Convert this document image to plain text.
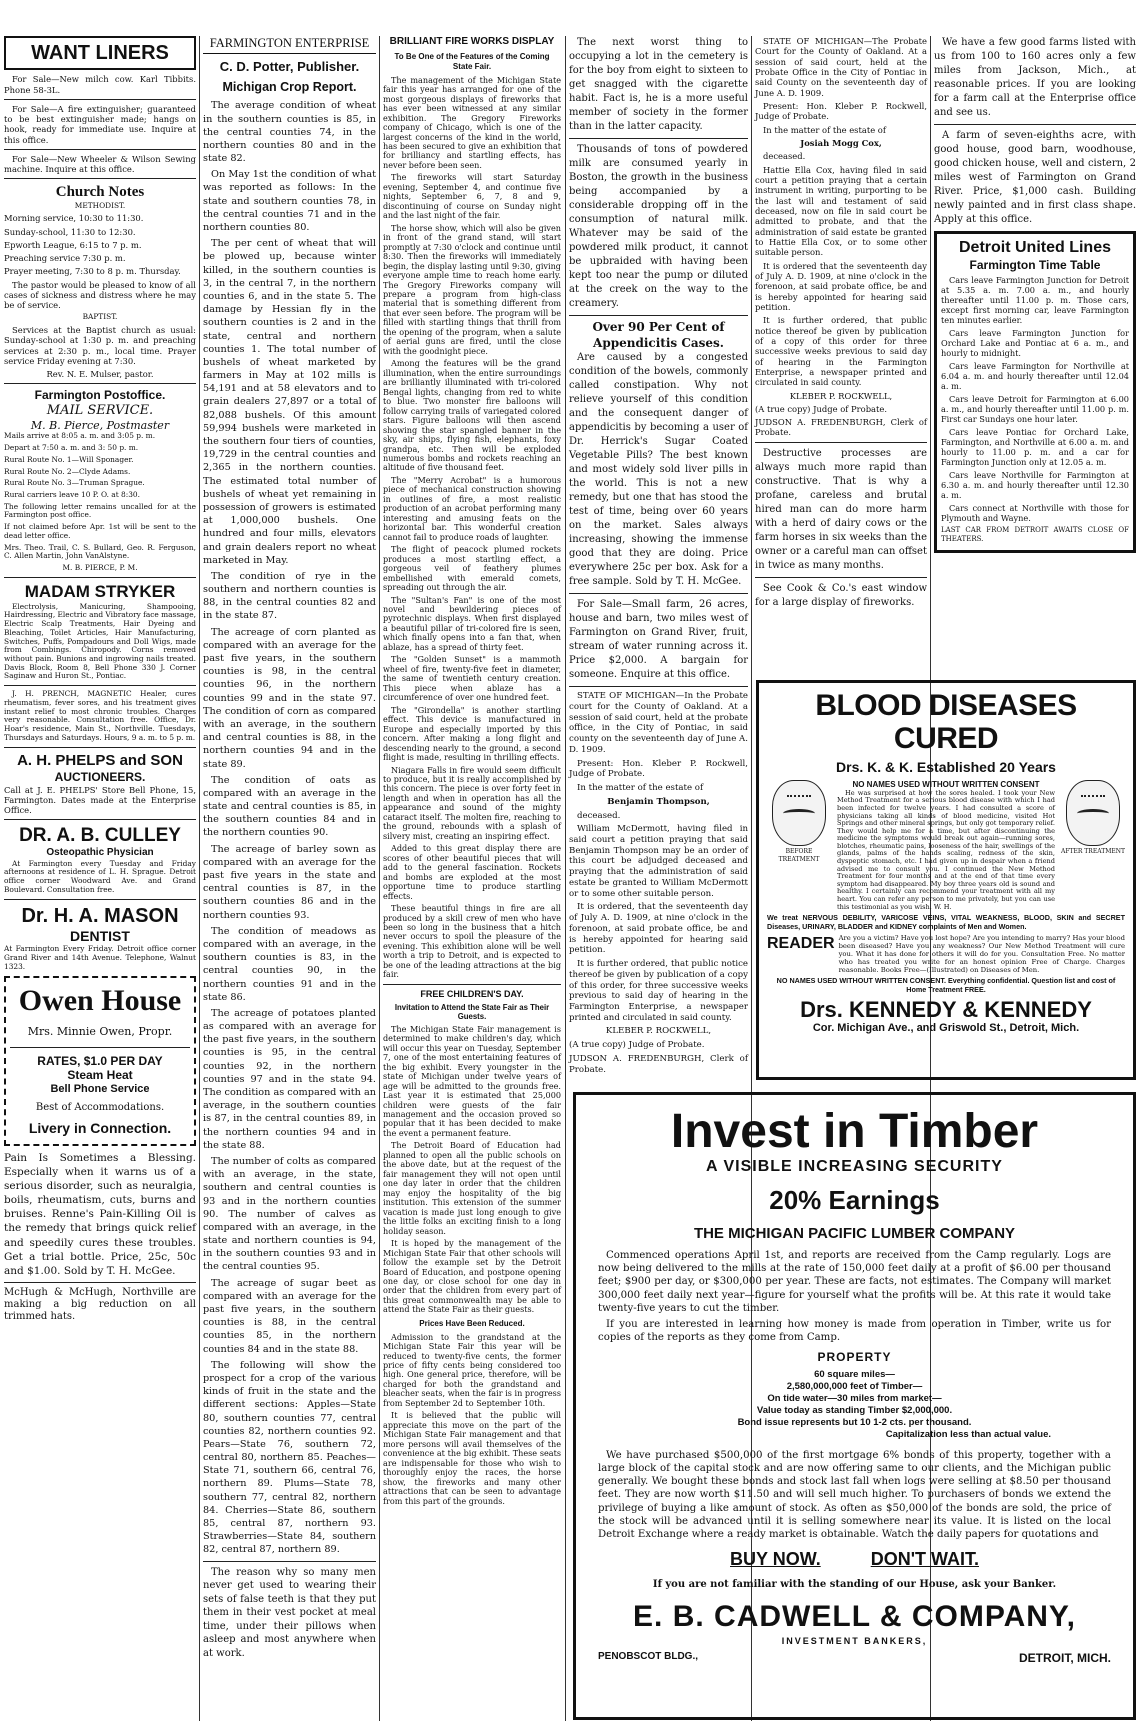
WANT LINERS

For Sale—New milch cow. Karl Tibbits. Phone 58-3L.

For Sale—A fire extinguisher; guaranteed to be best extinguisher made; hangs on hook, ready for immediate use. Inquire at this office.

For Sale—New Wheeler & Wilson Sewing machine. Inquire at this office.

Church Notes

METHODIST.

Morning service, 10:30 to 11:30.

Sunday-school, 11:30 to 12:30.

Epworth League, 6:15 to 7 p. m.

Preaching service 7:30 p. m.

Prayer meeting, 7:30 to 8 p. m. Thursday.

The pastor would be pleased to know of all cases of sickness and distress where he may be of service.

BAPTIST.

Services at the Baptist church as usual: Sunday-school at 1:30 p. m. and preaching services at 2:30 p. m., local time. Prayer service Friday evening at 7:30.

Rev. N. E. Mulser, pastor.

Farmington Postoffice.
MAIL SERVICE.
M. B. Pierce, Postmaster

Mails arrive at 8:05 a. m. and 3:05 p. m.

Depart at 7:50 a. m. and 3: 50 p. m.

Rural Route No. 1—Will Sponager.

Rural Route No. 2—Clyde Adams.

Rural Route No. 3—Truman Sprague.

Rural carriers leave 10 P. O. at 8:30.

The following letter remains uncalled for at the Farmington post office.

If not claimed before Apr. 1st will be sent to the dead letter office.

Mrs. Theo. Trail, C. S. Bullard, Geo. R. Ferguson, C. Allen Martin, John VanAlstyne.

M. B. PIERCE, P. M.

MADAM STRYKER

Electrolysis, Manicuring, Shampooing, Hairdressing, Electric and Vibratory face massage, Electric Scalp Treatments, Hair Dyeing and Bleaching, Toilet Articles, Hair Manufacturing, Switches, Puffs, Pompadours and Doll Wigs, made from Combings. Chiropody. Corns removed without pain. Bunions and ingrowing nails treated. Davis Block, Room 8, Bell Phone 330 J. Corner Saginaw and Huron St., Pontiac.

J. H. PRENCH, MAGNETIC Healer, cures rheumatism, fever sores, and his treatment gives instant relief to most chronic troubles. Charges very reasonable. Consultation free. Office, Dr. Hoar's residence, Main St., Northville. Tuesdays, Thursdays and Saturdays. Hours, 9 a. m. to 5 p. m.

A. H. PHELPS and SON
AUCTIONEERS.

Call at J. E. PHELPS' Store Bell Phone, 15, Farmington. Dates made at the Enterprise Office.

DR. A. B. CULLEY
Osteopathic Physician

At Farmington every Tuesday and Friday afternoons at residence of L. H. Sprague. Detroit office corner Woodward Ave. and Grand Boulevard. Consultation free.

Dr. H. A. MASON
DENTIST

At Farmington Every Friday. Detroit office corner Grand River and 14th Avenue. Telephone, Walnut 1323.

Owen House
Mrs. Minnie Owen, Propr.
RATES, $1.0 PER DAY
Steam Heat
Bell Phone Service
Best of Accommodations.
Livery in Connection.

Pain Is Sometimes a Blessing. Especially when it warns us of a serious disorder, such as neuralgia, boils, rheumatism, cuts, burns and bruises. Renne's Pain-Killing Oil is the remedy that brings quick relief and speedily cures these troubles. Get a trial bottle. Price, 25c, 50c and $1.00. Sold by T. H. McGee.

McHugh & McHugh, Northville are making a big reduction on all trimmed hats.

FARMINGTON ENTERPRISE
C. D. Potter, Publisher.
Michigan Crop Report.

The average condition of wheat in the southern counties is 85, in the central counties 74, in the northern counties 80 and in the state 82.

On May 1st the condition of what was reported as follows: In the state and southern counties 78, in the central counties 71 and in the northern counties 80.

The per cent of wheat that will be plowed up, because winter killed, in the southern counties is 3, in the central 7, in the northern counties 6, and in the state 5. The damage by Hessian fly in the southern counties is 2 and in the state, central and northern counties 1. The total number of bushels of wheat marketed by farmers in May at 102 mills is 54,191 and at 58 elevators and to grain dealers 27,897 or a total of 82,088 bushels. Of this amount 59,994 bushels were marketed in the southern four tiers of counties, 19,729 in the central counties and 2,365 in the northern counties. The estimated total number of bushels of wheat yet remaining in possession of growers is estimated at 1,000,000 bushels. One hundred and four mills, elevators and grain dealers report no wheat marketed in May.

The condition of rye in the southern and northern counties is 88, in the central counties 82 and in the state 87.

The acreage of corn planted as compared with an average for the past five years, in the southern counties is 98, in the central counties 96, in the northern counties 99 and in the state 97. The condition of corn as compared with an average, in the southern and central counties is 88, in the northern counties 94 and in the state 89.

The condition of oats as compared with an average in the state and central counties is 85, in the southern counties 84 and in the northern counties 90.

The acreage of barley sown as compared with an average for the past five years in the state and central counties is 87, in the southern counties 86 and in the northern counties 93.

The condition of meadows as compared with an average, in the southern counties is 83, in the central counties 90, in the northern counties 91 and in the state 86.

The acreage of potatoes planted as compared with an average for the past five years, in the southern counties is 95, in the central counties 92, in the northern counties 97 and in the state 94. The condition as compared with an average, in the southern counties is 87, in the central counties 89, in the northern counties 94 and in the state 88.

The number of colts as compared with an average, in the state, southern and central counties is 93 and in the northern counties 90. The number of calves as compared with an average, in the state and northern counties is 94, in the southern counties 93 and in the central counties 95.

The acreage of sugar beet as compared with an average for the past five years, in the southern counties is 88, in the central counties 85, in the northern counties 84 and in the state 88.

The following will show the prospect for a crop of the various kinds of fruit in the state and the different sections: Apples—State 80, southern counties 77, central counties 82, northern counties 92. Pears—State 76, southern 72, central 80, northern 85. Peaches—State 71, southern 66, central 76, northern 89. Plums—State 78, southern 77, central 82, northern 84. Cherries—State 86, southern 85, central 87, northern 93. Strawberries—State 84, southern 82, central 87, northern 89.

The reason why so many men never get used to wearing their sets of false teeth is that they put them in their vest pocket at meal time, under their pillows when asleep and most anywhere when at work.

BRILLIANT FIRE WORKS DISPLAY
To Be One of the Features of the Coming State Fair.

The management of the Michigan State fair this year has arranged for one of the most gorgeous displays of fireworks that has ever been witnessed at any similar exhibition. The Gregory Fireworks company of Chicago, which is one of the largest concerns of the kind in the world, has been secured to give an exhibition that for brilliancy and startling effects, has never before been seen.

The fireworks will start Saturday evening, September 4, and continue five nights, September 6, 7, 8 and 9, discontinuing of course on Sunday night and the last night of the fair.

The horse show, which will also be given in front of the grand stand, will start promptly at 7:30 o'clock and continue until 8:30. Then the fireworks will immediately begin, the display lasting until 9:30, giving everyone ample time to reach home early. The Gregory Fireworks company will prepare a program from high-class material that is something different from that ever seen before. The program will be filled with startling things that thrill from the opening of the program, when a salute of aerial guns are fired, until the close with the goodnight piece.

Among the features will be the grand illumination, when the entire surroundings are brilliantly illuminated with tri-colored Bengal lights, changing from red to white to blue. Two monster fire balloons will follow carrying trails of variegated colored stars. Figure balloons will then ascend showing the star spangled banner in the sky, air ships, flying fish, elephants, foxy grandpa, etc. Then will be exploded numerous bombs and rockets reaching an altitude of five thousand feet.

The "Merry Acrobat" is a humorous piece of mechanical construction showing in outlines of fire, a most realistic production of an acrobat performing many interesting and amusing feats on the horizontal bar. This wonderful creation cannot fail to produce roads of laughter.

The flight of peacock plumed rockets produces a most startling effect, a gorgeous veil of feathery plumes embellished with emerald comets, spreading out through the air.

The "Sultan's Fan" is one of the most novel and bewildering pieces of pyrotechnic displays. When first displayed a beautiful pillar of tri-colored fire is seen, which finally opens into a fan that, when ablaze, has a spread of thirty feet.

The "Golden Sunset" is a mammoth wheel of fire, twenty-five feet in diameter, the same of twentieth century creation. This piece when ablaze has a circumference of over one hundred feet.

The "Girondella" is another startling effect. This device is manufactured in Europe and especially imported by this concern. After making a long flight and descending nearly to the ground, a second flight is made, resulting in thrilling effects.

Niagara Falls in fire would seem difficult to produce, but it is really accomplished by this concern. The piece is over forty feet in length and when in operation has all the appearance and sound of the mighty cataract itself. The molten fire, reaching to the ground, rebounds with a splash of silvery mist, creating an inspiring effect.

Added to this great display there are scores of other beautiful pieces that will add to the general fascination. Rockets and bombs are exploded at the most opportune time to produce startling effects.

These beautiful things in fire are all produced by a skill crew of men who have been so long in the business that a hitch never occurs to spoil the pleasure of the evening. This exhibition alone will be well worth a trip to Detroit, and is expected to be one of the leading attractions at the big fair.

FREE CHILDREN'S DAY.
Invitation to Attend the State Fair as Their Guests.

The Michigan State Fair management is determined to make children's day, which will occur this year on Tuesday, September 7, one of the most entertaining features of the big exhibit. Every youngster in the state of Michigan under twelve years of age will be admitted to the grounds free. Last year it is estimated that 25,000 children were guests of the fair management and the occasion proved so popular that it has been decided to make the event a permanent feature.

The Detroit Board of Education had planned to open all the public schools on the above date, but at the request of the fair management they will not open until one day later in order that the children may enjoy the hospitality of the big institution. This extension of the summer vacation is made just long enough to give the little folks an exciting finish to a long holiday season.

It is hoped by the management of the Michigan State Fair that other schools will follow the example set by the Detroit Board of Education, and postpone opening one day, or close school for one day in order that the children from every part of this great commonwealth may be able to attend the State Fair as their guests.

Prices Have Been Reduced.

Admission to the grandstand at the Michigan State Fair this year will be reduced to twenty-five cents, the former price of fifty cents being considered too high. One general price, therefore, will be charged for both the grandstand and bleacher seats, when the fair is in progress from September 2d to September 10th.

It is believed that the public will appreciate this move on the part of the Michigan State Fair management and that more persons will avail themselves of the convenience at the big exhibit. These seats are indispensable for those who wish to thoroughly enjoy the races, the horse show, the fireworks and many other attractions that can be seen to advantage from this part of the grounds.

The next worst thing to occupying a lot in the cemetery is for the boy from eight to sixteen to get snagged with the cigarette habit. Fact is, he is a more useful member of society in the former than in the latter capacity.

Thousands of tons of powdered milk are consumed yearly in Boston, the growth in the business being accompanied by a considerable dropping off in the consumption of natural milk. Whatever may be said of the powdered milk product, it cannot be upbraided with having been kept too near the pump or diluted at the creek on the way to the creamery.

Over 90 Per Cent of Appendicitis Cases.

Are caused by a congested condition of the bowels, commonly called constipation. Why not relieve yourself of this condition and the consequent danger of appendicitis by becoming a user of Dr. Herrick's Sugar Coated Vegetable Pills? The best known and most widely sold liver pills in the world. This is not a new remedy, but one that has stood the test of time, being over 60 years on the market. Sales always increasing, showing the immense good that they are doing. Price everywhere 25c per box. Ask for a free sample. Sold by T. H. McGee.

For Sale—Small farm, 26 acres, house and barn, two miles west of Farmington on Grand River, fruit, stream of water running across it. Price $2,000. A bargain for someone. Enquire at this office.

STATE OF MICHIGAN—In the Probate court for the County of Oakland. At a session of said court, held at the probate office, in the City of Pontiac, in said county on the seventeenth day of June A. D. 1909.

Present: Hon. Kleber P. Rockwell, Judge of Probate.

In the matter of the estate of

Benjamin Thompson,

deceased.

William McDermott, having filed in said court a petition praying that said Benjamin Thompson may be an order of this court be adjudged deceased and praying that the administration of said estate be granted to William McDermott or to some other suitable person.

It is ordered, that the seventeenth day of July A. D. 1909, at nine o'clock in the forenoon, at said probate office, be and is hereby appointed for hearing said petition.

It is further ordered, that public notice thereof be given by publication of a copy of this order, for three successive weeks previous to said day of hearing in the Farmington Enterprise, a newspaper printed and circulated in said county.

KLEBER P. ROCKWELL,

(A true copy) Judge of Probate.

JUDSON A. FREDENBURGH, Clerk of Probate.

STATE OF MICHIGAN—The Probate Court for the County of Oakland. At a session of said court, held at the Probate Office in the City of Pontiac in said County on the seventeenth day of June A. D. 1909.

Present: Hon. Kleber P. Rockwell, Judge of Probate.

In the matter of the estate of

Josiah Mogg Cox,

deceased.

Hattie Ella Cox, having filed in said court a petition praying that a certain instrument in writing, purporting to be the last will and testament of said deceased, now on file in said court be admitted to probate, and that the administration of said estate be granted to Hattie Ella Cox, or to some other suitable person.

It is ordered that the seventeenth day of July A. D. 1909, at nine o'clock in the forenoon, at said probate office, be and is hereby appointed for hearing said petition.

It is further ordered, that public notice thereof be given by publication of a copy of this order for three successive weeks previous to said day of hearing in the Farmington Enterprise, a newspaper printed and circulated in said county.

KLEBER P. ROCKWELL,

(A true copy) Judge of Probate.

JUDSON A. FREDENBURGH, Clerk of Probate.

Destructive processes are always much more rapid than constructive. That is why a profane, careless and brutal hired man can do more harm with a herd of dairy cows or the farm horses in six weeks than the owner or a careful man can offset in twice as many months.

See Cook & Co.'s east window for a large display of fireworks.

We have a few good farms listed with us from 100 to 160 acres only a few miles from Jackson, Mich., at reasonable prices. If you are looking for a farm call at the Enterprise office and see us.

A farm of seven-eighths acre, with good house, good barn, woodhouse, good chicken house, well and cistern, 2 miles west of Farmington on Grand River. Price, $1,000 cash. Building newly painted and in first class shape. Apply at this office.

Detroit United Lines
Farmington Time Table

Cars leave Farmington Junction for Detroit at 5.35 a. m. 7.00 a. m., and hourly thereafter until 11.00 p. m. Those cars, except first morning car, leave Farmington ten minutes earlier.

Cars leave Farmington Junction for Orchard Lake and Pontiac at 6 a. m., and hourly to midnight.

Cars leave Farmington for Northville at 6.04 a. m. and hourly thereafter until 12.04 a. m.

Cars leave Detroit for Farmington at 6.00 a. m., and hourly thereafter until 11.00 p. m. First car Sundays one hour later.

Cars leave Pontiac for Orchard Lake, Farmington, and Northville at 6.00 a. m. and hourly to 11.00 p. m. and a car for Farmington Junction only at 12.05 a. m.

Cars leave Northville for Farmington at 6.30 a. m. and hourly thereafter until 12.30 a. m.

Cars connect at Northville with those for Plymouth and Wayne.

LAST CAR FROM DETROIT AWAITS CLOSE OF THEATERS.

BLOOD DISEASES CURED
Drs. K. & K. Established 20 Years
BEFORE TREATMENT
NO NAMES USED WITHOUT WRITTEN CONSENT

He was surprised at how the sores healed. I took your New Method Treatment for a serious blood disease with which I had been infected for twelve years. I had consulted a score of physicians taking all kinds of blood medicine, visited Hot Springs and other mineral springs, but only got temporary relief. They would help me for a time, but after discontinuing the medicine the symptoms would break out again—running sores, blotches, rheumatic pains, looseness of the hair, swellings of the glands, palms of the hands scaling, redness of the skin, dyspeptic stomach, etc. I had given up in despair when a friend advised me to consult you. I continued the New Method Treatment for four months and at the end of that time every symptom had disappeared. My boy three years old is sound and healthy. I certainly can recommend your treatment with all my heart. You can refer any person to me privately, but you can use this testimonial as you wish. W. H.

AFTER TREATMENT

We treat NERVOUS DEBILITY, VARICOSE VEINS, VITAL WEAKNESS, BLOOD, SKIN and SECRET Diseases, URINARY, BLADDER and KIDNEY complaints of Men and Women.

READER Are you a victim? Have you lost hope? Are you intending to marry? Has your blood been diseased? Have you any weakness? Our New Method Treatment will cure you. What it has done for others it will do for you. Consultation Free. No matter who has treated you write for an honest opinion Free of Charge. Charges reasonable. Books Free—(Illustrated) on Diseases of Men.

NO NAMES USED WITHOUT WRITTEN CONSENT. Everything confidential. Question list and cost of Home Treatment FREE.

Drs. KENNEDY & KENNEDY
Cor. Michigan Ave., and Griswold St., Detroit, Mich.
Invest in Timber
A VISIBLE INCREASING SECURITY
20% Earnings
THE MICHIGAN PACIFIC LUMBER COMPANY

Commenced operations April 1st, and reports are received from the Camp regularly. Logs are now being delivered to the mills at the rate of 150,000 feet daily at a profit of $6.00 per thousand feet; $900 per day, or $300,000 per year. These are facts, not estimates. The Company will market 300,000 feet daily next year—figure for yourself what the profits will be. At this rate it would take twenty-five years to cut the timber.

If you are interested in learning how money is made from operation in Timber, write us for copies of the reports as they come from Camp.

PROPERTY
60 square miles—
2,580,000,000 feet of Timber—
On tide water—30 miles from market—
Value today as standing Timber $2,000,000.
Bond issue represents but 10 1-2 cts. per thousand.
Capitalization less than actual value.

We have purchased $500,000 of the first mortgage 6% bonds of this property, together with a large block of the capital stock and are now offering same to our clients, and the Michigan public generally. We bought these bonds and stock last fall when logs were selling at $8.50 per thousand feet. They are now worth $11.50 and will sell much higher. To purchasers of bonds we extend the privilege of buying a like amount of stock. As often as $50,000 of the bonds are sold, the price of the stock will be advanced until it is selling somewhere near its value. It is listed on the local Detroit Exchange where a ready market is obtainable. Watch the daily papers for quotations and

BUY NOW.	DON'T WAIT.
If you are not familiar with the standing of our House, ask your Banker.
E. B. CADWELL & COMPANY,
INVESTMENT BANKERS,
PENOBSCOT BLDG.,	DETROIT, MICH.
